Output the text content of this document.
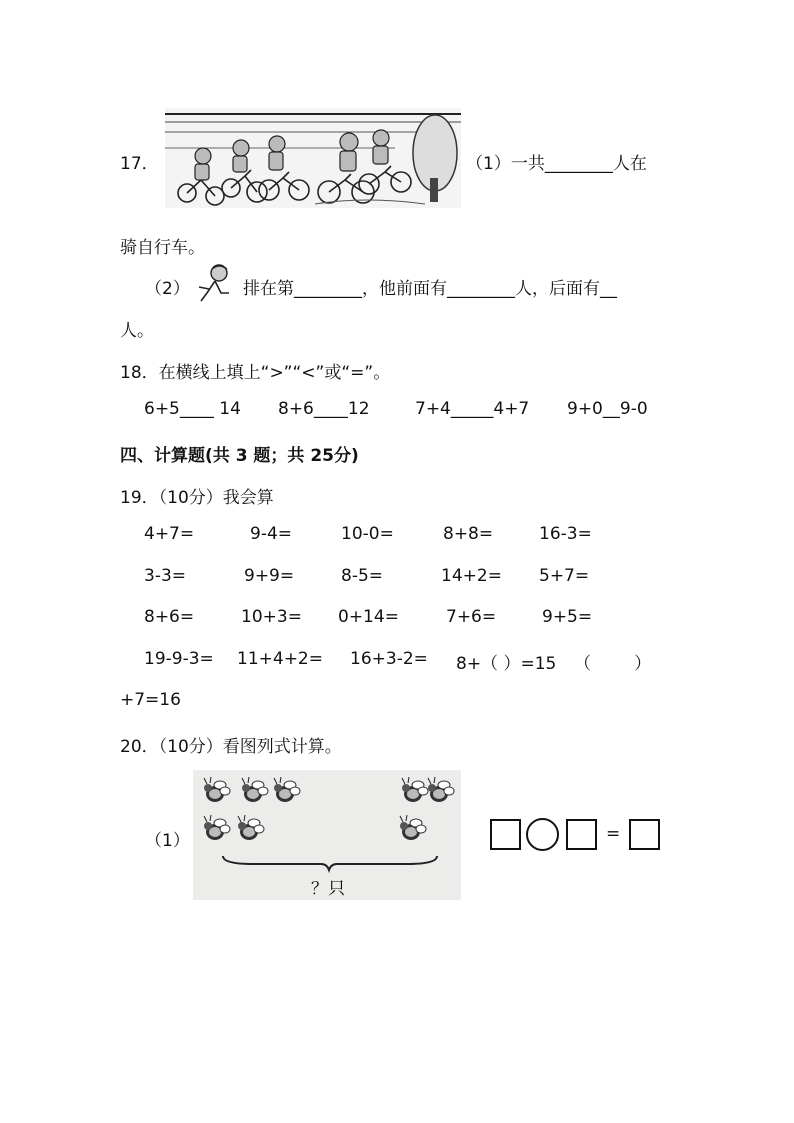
17．	（1）一共________人在
骑自行车。
（2）	排在第________，他前面有________人，后面有__
人。
18．在横线上填上“>”“<”或“=”。
6+5____ 14 8+6____12	7+4_____4+7 9+0__9-0
四、计算题(共 3 题；共 25分)
19．（10分）我会算
4+7=	9-4=	10-0=	8+8=	16-3=
3-3=	9+9=	8-5=	14+2= 5+7=
8+6=	10+3= 0+14=	7+6=	9+5=
19-9-3= 11+4+2= 16+3-2= 8+（ ）=15 （        ）
+7=16
20．（10分）看图列式计算。
（1）
？只
=
